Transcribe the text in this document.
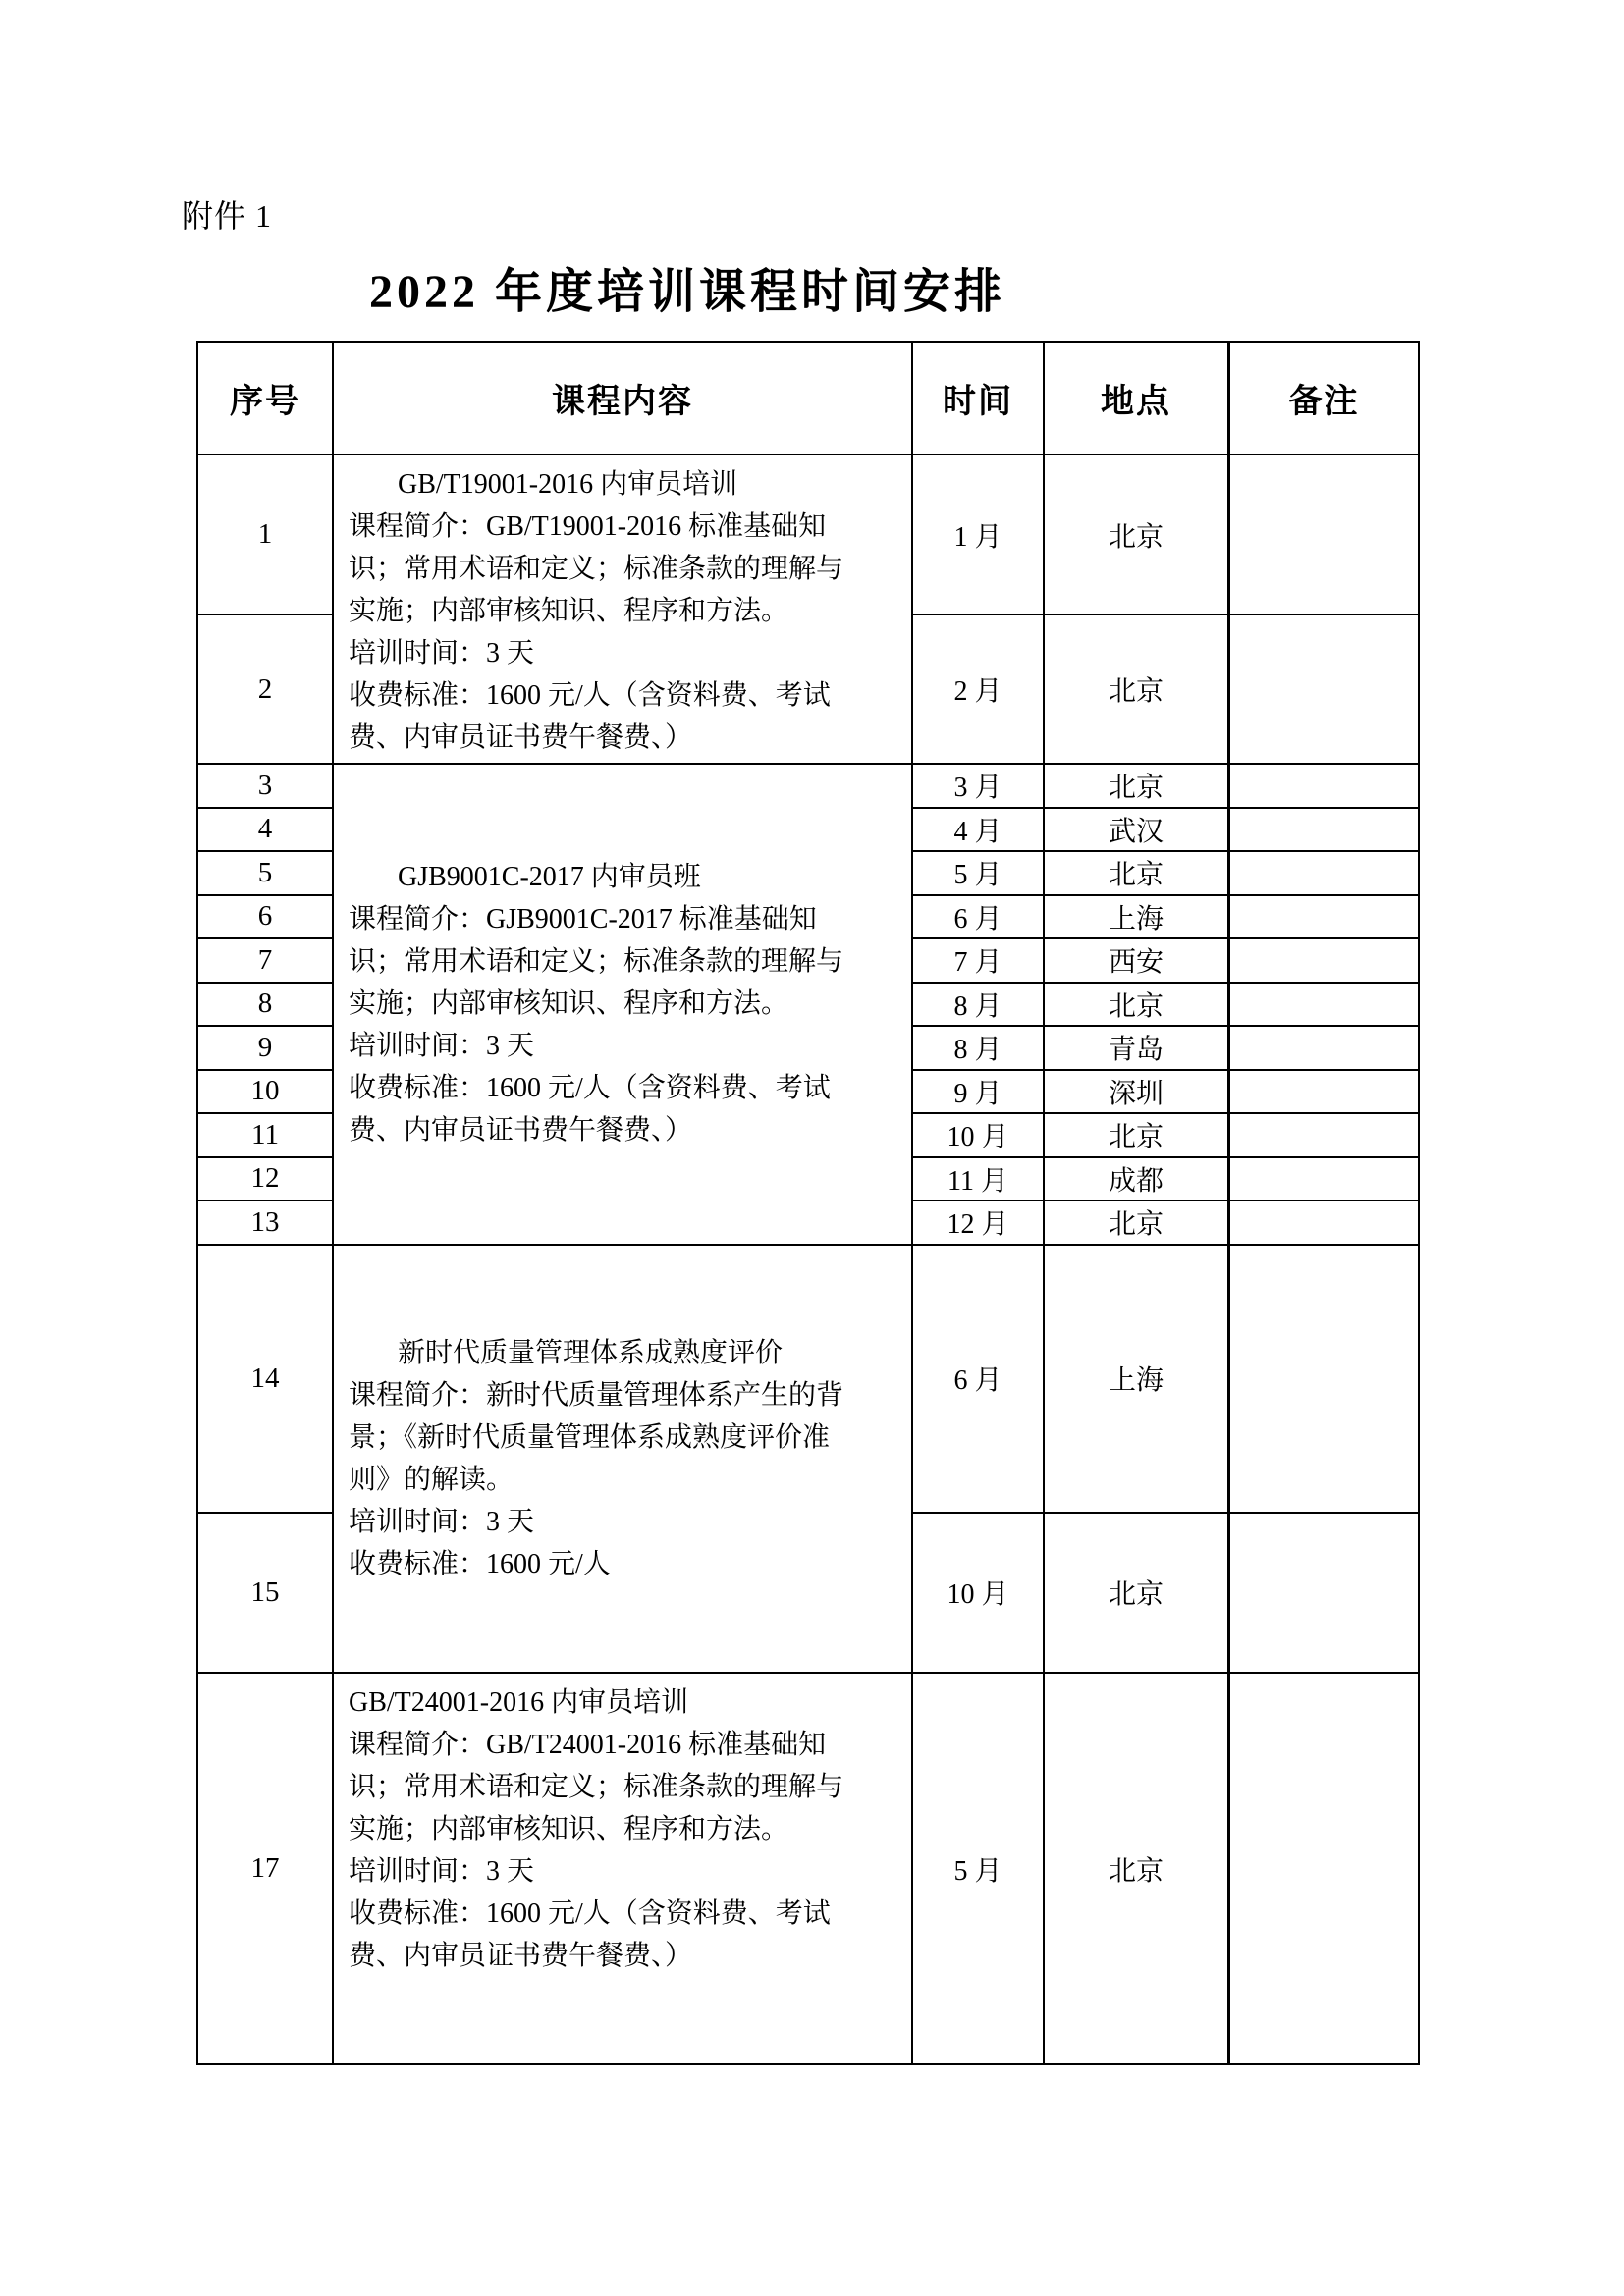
附件 1
2022 年度培训课程时间安排
序号	课程内容	时间	地点	备注
GB/T19001-2016 内审员培训
课程简介：GB/T19001-2016 标准基础知
识；常用术语和定义；标准条款的理解与
实施；内部审核知识、程序和方法。
培训时间：3 天
收费标准：1600 元/人（含资料费、考试
费、内审员证书费午餐费、）
1	1 月	北京
2	2 月	北京
GJB9001C-2017 内审员班
课程简介：GJB9001C-2017 标准基础知
识；常用术语和定义；标准条款的理解与
实施；内部审核知识、程序和方法。
培训时间：3 天
收费标准：1600 元/人（含资料费、考试
费、内审员证书费午餐费、）
3	3 月	北京
4	4 月	武汉
5	5 月	北京
6	6 月	上海
7	7 月	西安
8	8 月	北京
9	8 月	青岛
10	9 月	深圳
11	10 月	北京
12	11 月	成都
13	12 月	北京
新时代质量管理体系成熟度评价
课程简介：新时代质量管理体系产生的背
景；《新时代质量管理体系成熟度评价准
则》的解读。
培训时间：3 天
收费标准：1600 元/人
14	6 月	上海
15	10 月	北京
GB/T24001-2016 内审员培训
课程简介：GB/T24001-2016 标准基础知
识；常用术语和定义；标准条款的理解与
实施；内部审核知识、程序和方法。
培训时间：3 天
收费标准：1600 元/人（含资料费、考试
费、内审员证书费午餐费、）
17	5 月	北京
